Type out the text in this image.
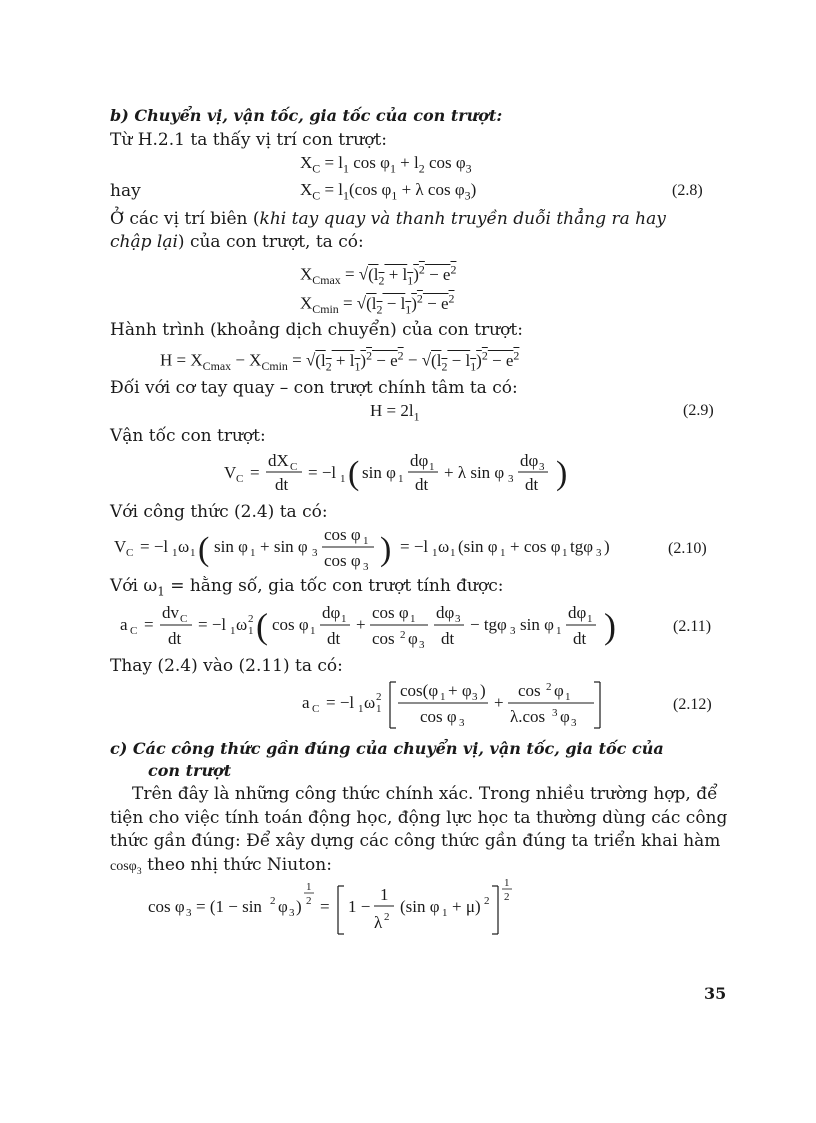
b) Chuyển vị, vận tốc, gia tốc của con trượt:
Từ H.2.1 ta thấy vị trí con trượt:
$X_C = l_1$ $\cos \varphi_1 + l_2$ $\cos \varphi_3$
hay	$X_C = l_1(\cos$ $\varphi_1 + \lambda$ $\cos \varphi_3$)	(2.8)
Ở các vị trí biên (khi tay quay và thanh truyền duỗi thẳng ra hay
chập lại) của con trượt, ta có:
$X_{Cmax} = √(l_2 + l_1)^2 - e^2$
$X_{Cmin} = √(l_2 - l_1)^2 - e^2$
Hành trình (khoảng dịch chuyển) của con trượt:
$H = X_{Cmax} - X_{Cmin} = √(l_2 + l_1)^2 - e^2 - √(l_2 - l_1)^2 - e^2$
Đối với cơ tay quay – con trượt chính tâm ta có:
$H = 2l_1$	(2.9)
Vận tốc con trượt:
V C =
dX C
dt
= −l 1 ( sin φ 1
dφ 1
dt
+ λ sin φ 3
dφ 3
dt )
Với công thức (2.4) ta có:
V C = −l 1 ω 1 ( sin φ 1 + sin φ 3
cos φ 1
cos φ 3 ) = −l 1 ω 1 (sin φ 1 + cos φ 1 tgφ 3 )	(2.10)
Với $\omega_1$ = hằng số, gia tốc con trượt tính được:
a C =
dv C
dt
= −l 1 ω 1
2 ( cos φ 1
dφ 1
dt
+
cos φ 1
cos 2 φ 3
dφ 3
dt
− tgφ 3 sin φ 1
dφ 1
dt )	(2.11)
Thay (2.4) vào (2.11) ta có:
a C = −l 1 ω 1
2 cos(φ 1 + φ 3 )
cos φ 3
+
cos 2 φ 1
λ.cos 3 φ 3
(2.12)
c) Các công thức gần đúng của chuyển vị, vận tốc, gia tốc của
con trượt
Trên đây là những công thức chính xác. Trong nhiều trường hợp, để
tiện cho việc tính toán động học, động lực học ta thường dùng các công
thức gần đúng: Để xây dựng các công thức gần đúng ta triển khai hàm
cosφ$_3$ theo nhị thức Niuton:
cos φ 3 = (1 − sin 2 φ 3 )
1
2 = 1 −
1
λ 2
(sin φ 1 + μ) 2
1
2
35
